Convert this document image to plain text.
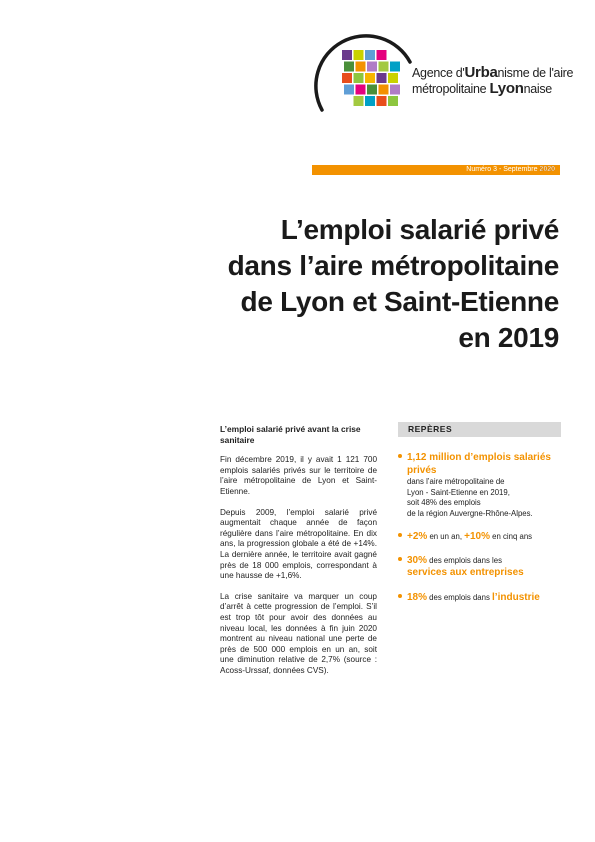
Agence d'Urbanisme de l'aire
métropolitaine Lyonnaise
Numéro 3 - Septembre 2020
L’emploi salarié privé
dans l’aire métropolitaine
de Lyon et Saint-Etienne
en 2019
L’emploi salarié privé avant la crise sanitaire

Fin décembre 2019, il y avait 1 121 700 emplois salariés privés sur le territoire de l’aire métropolitaine de Lyon et Saint-Etienne.

Depuis 2009, l’emploi salarié privé augmentait chaque année de façon régulière dans l’aire métropolitaine. En dix ans, la progression globale a été de +14%. La dernière année, le territoire avait gagné près de 18 000 emplois, correspondant à une hausse de +1,6%.

La crise sanitaire va marquer un coup d’arrêt à cette progression de l’emploi. S’il est trop tôt pour avoir des données au niveau local, les données à fin juin 2020 montrent au niveau national une perte de près de 500 000 emplois en un an, soit une diminution relative de 2,7% (source : Acoss-Urssaf, données CVS).

REPÈRES
1,12 million d’emplois salariés privés
dans l’aire métropolitaine de
Lyon - Saint-Etienne en 2019,
soit 48% des emplois
de la région Auvergne-Rhône-Alpes.
+2% en un an, +10% en cinq ans
30% des emplois dans les
services aux entreprises
18% des emplois dans l’industrie
